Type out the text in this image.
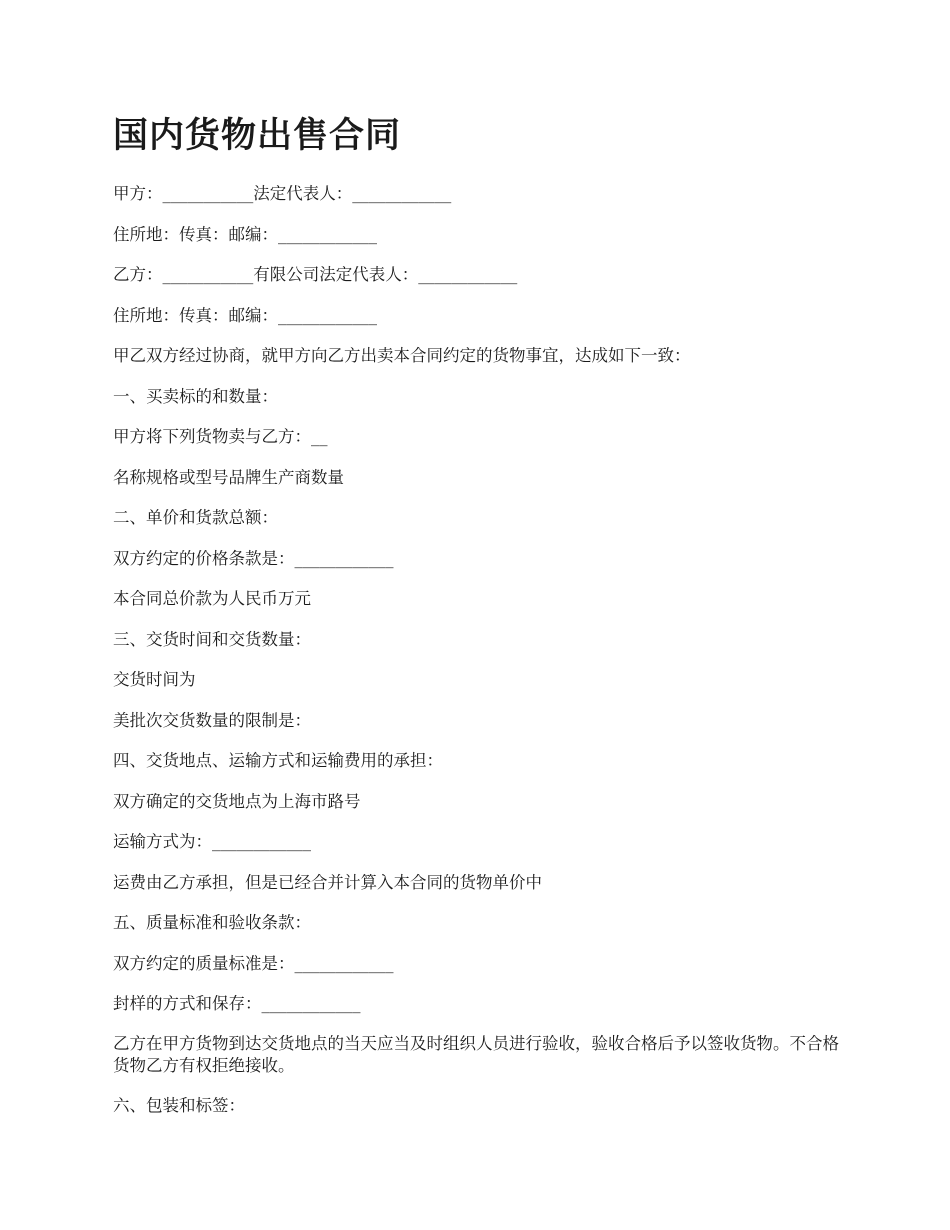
国内货物出售合同

甲方：___________法定代表人：____________

住所地：传真：邮编：____________

乙方：___________有限公司法定代表人：____________

住所地：传真：邮编：____________

甲乙双方经过协商，就甲方向乙方出卖本合同约定的货物事宜，达成如下一致：

一、买卖标的和数量：

甲方将下列货物卖与乙方：__

名称规格或型号品牌生产商数量

二、单价和货款总额：

双方约定的价格条款是：____________

本合同总价款为人民币万元

三、交货时间和交货数量：

交货时间为

美批次交货数量的限制是：

四、交货地点、运输方式和运输费用的承担：

双方确定的交货地点为上海市路号

运输方式为：____________

运费由乙方承担，但是已经合并计算入本合同的货物单价中

五、质量标准和验收条款：

双方约定的质量标准是：____________

封样的方式和保存：____________

乙方在甲方货物到达交货地点的当天应当及时组织人员进行验收，验收合格后予以签收货物。不合格货物乙方有权拒绝接收。

六、包装和标签：
